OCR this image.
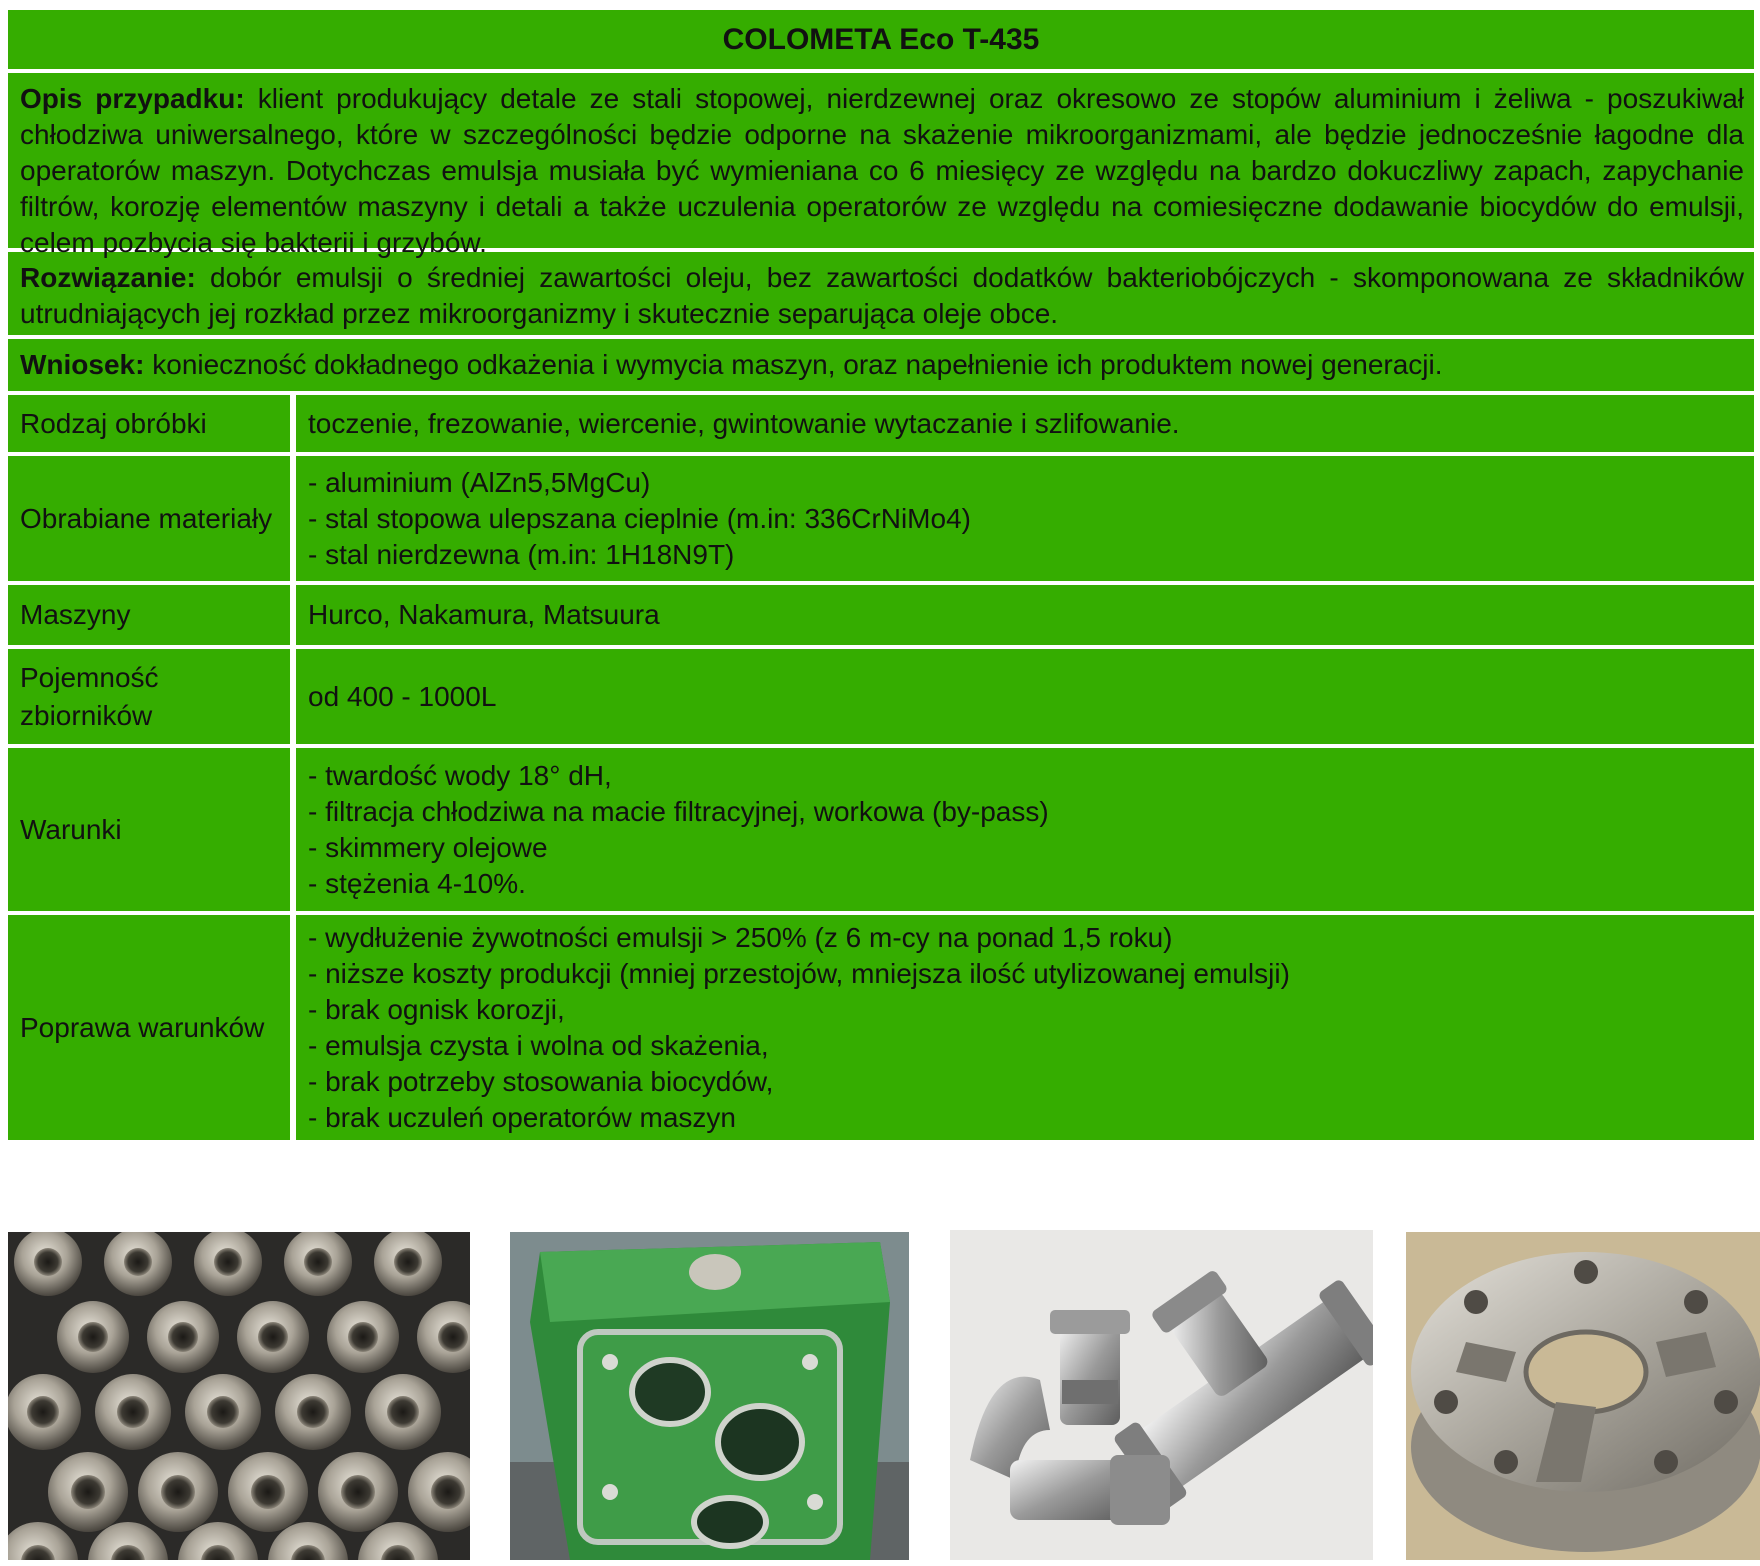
COLOMETA Eco T-435
Opis przypadku: klient produkujący detale ze stali stopowej, nierdzewnej oraz okresowo ze stopów aluminium i żeliwa - poszukiwał chłodziwa uniwersalnego, które w szczególności będzie odporne na skażenie mikroorganizmami, ale będzie jednocześnie łagodne dla operatorów maszyn. Dotychczas emulsja musiała być wymieniana co 6 miesięcy ze względu na bardzo dokuczliwy zapach, zapychanie filtrów, korozję elementów maszyny i detali a także uczulenia operatorów ze względu na comiesięczne dodawanie biocydów do emulsji, celem pozbycia się bakterii i grzybów.
Rozwiązanie: dobór emulsji o średniej zawartości oleju, bez zawartości dodatków bakteriobójczych - skomponowana ze składników utrudniających jej rozkład przez mikroorganizmy i skutecznie separująca oleje obce.
Wniosek: konieczność dokładnego odkażenia i wymycia maszyn, oraz napełnienie ich produktem nowej generacji.
Rodzaj obróbki	toczenie, frezowanie, wiercenie, gwintowanie wytaczanie i szlifowanie.
Obrabiane materiały
- aluminium (AlZn5,5MgCu)
- stal stopowa ulepszana cieplnie (m.in: 336CrNiMo4)
- stal nierdzewna (m.in: 1H18N9T)
Maszyny	Hurco, Nakamura, Matsuura
Pojemność zbiorników
od 400 - 1000L
Warunki
- twardość wody 18° dH,
- filtracja chłodziwa na macie filtracyjnej, workowa (by-pass)
- skimmery olejowe
- stężenia 4-10%.
Poprawa warunków
- wydłużenie żywotności emulsji > 250% (z 6 m-cy na ponad 1,5 roku)
- niższe koszty produkcji (mniej przestojów, mniejsza ilość utylizowanej emulsji)
- brak ognisk korozji,
- emulsja czysta i wolna od skażenia,
- brak potrzeby stosowania biocydów,
- brak uczuleń operatorów maszyn
